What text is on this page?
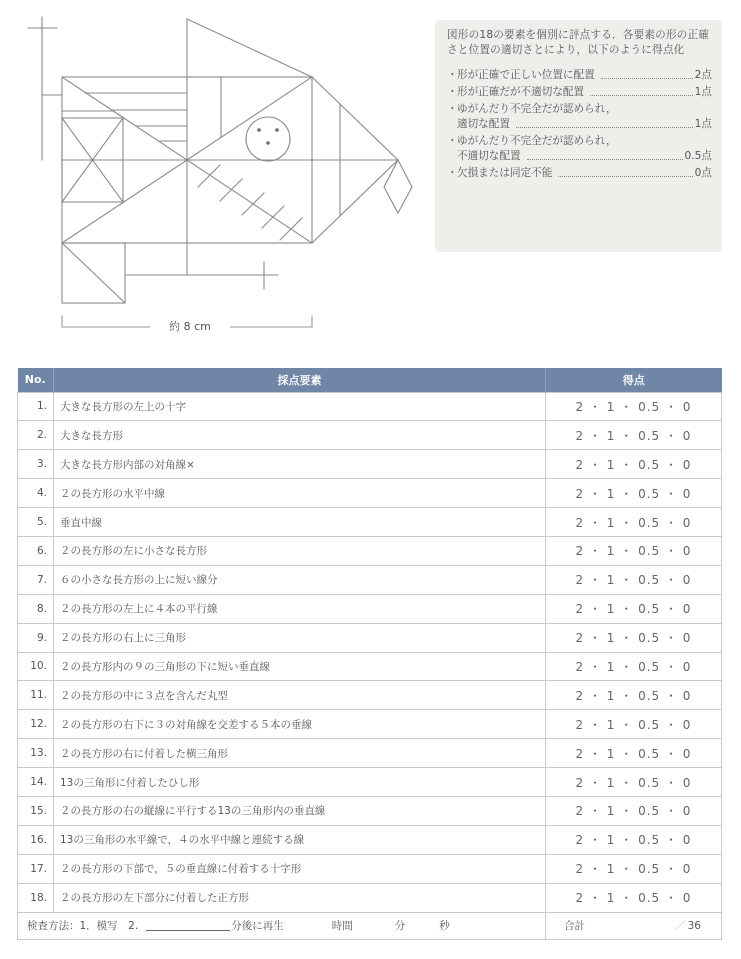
約 8 cm
図形の18の要素を個別に評点する．各要素の形の正確さと位置の適切さとにより，以下のように得点化
・ 形が正確で正しい位置に配置	2点
・ 形が正確だが不適切な配置	1点
・ ゆがんだり不完全だが認められ，
適切な配置	1点
・ ゆがんだり不完全だが認められ，
不適切な配置	0.5点
・ 欠損または同定不能	0点
No.	採点要素	得点
1.	大きな長方形の左上の十字	2 ・ 1 ・ 0.5 ・ 0
2.	大きな長方形	2 ・ 1 ・ 0.5 ・ 0
3.	大きな長方形内部の対角線×	2 ・ 1 ・ 0.5 ・ 0
4.	２の長方形の水平中線	2 ・ 1 ・ 0.5 ・ 0
5.	垂直中線	2 ・ 1 ・ 0.5 ・ 0
6.	２の長方形の左に小さな長方形	2 ・ 1 ・ 0.5 ・ 0
7.	６の小さな長方形の上に短い線分	2 ・ 1 ・ 0.5 ・ 0
8.	２の長方形の左上に４本の平行線	2 ・ 1 ・ 0.5 ・ 0
9.	２の長方形の右上に三角形	2 ・ 1 ・ 0.5 ・ 0
10.	２の長方形内の９の三角形の下に短い垂直線	2 ・ 1 ・ 0.5 ・ 0
11.	２の長方形の中に３点を含んだ丸型	2 ・ 1 ・ 0.5 ・ 0
12.	２の長方形の右下に３の対角線を交差する５本の垂線	2 ・ 1 ・ 0.5 ・ 0
13.	２の長方形の右に付着した横三角形	2 ・ 1 ・ 0.5 ・ 0
14.	13の三角形に付着したひし形	2 ・ 1 ・ 0.5 ・ 0
15.	２の長方形の右の縦線に平行する13の三角形内の垂直線	2 ・ 1 ・ 0.5 ・ 0
16.	13の三角形の水平線で，４の水平中線と連続する線	2 ・ 1 ・ 0.5 ・ 0
17.	２の長方形の下部で，５の垂直線に付着する十字形	2 ・ 1 ・ 0.5 ・ 0
18.	２の長方形の左下部分に付着した正方形	2 ・ 1 ・ 0.5 ・ 0

検査方法：1．模写　2. 分後に再生 時間 分 秒		合計 ／ 36
